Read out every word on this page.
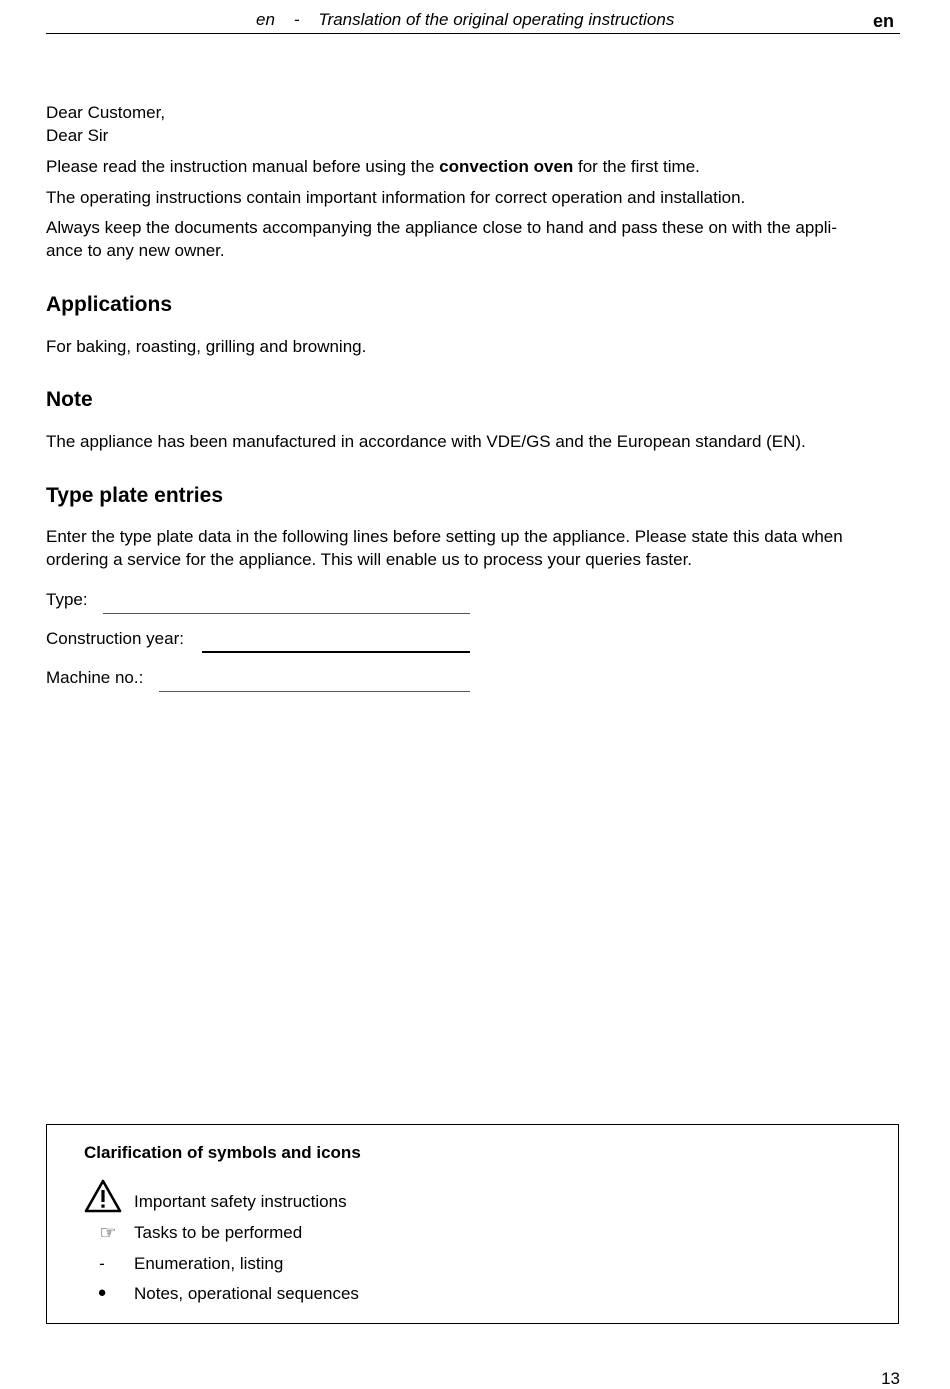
en - Translation of the original operating instructions	en
Dear Customer,
Dear Sir
Please read the instruction manual before using the convection oven for the first time.
The operating instructions contain important information for correct operation and installation.
Always keep the documents accompanying the appliance close to hand and pass these on with the appli-
ance to any new owner.
Applications
For baking, roasting, grilling and browning.
Note
The appliance has been manufactured in accordance with VDE/GS and the European standard (EN).
Type plate entries
Enter the type plate data in the following lines before setting up the appliance. Please state this data when
ordering a service for the appliance. This will enable us to process your queries faster.
Type:
Construction year:
Machine no.:
Clarification of symbols and icons
Important safety instructions
☞	Tasks to be performed
-	Enumeration, listing
●	Notes, operational sequences
13
